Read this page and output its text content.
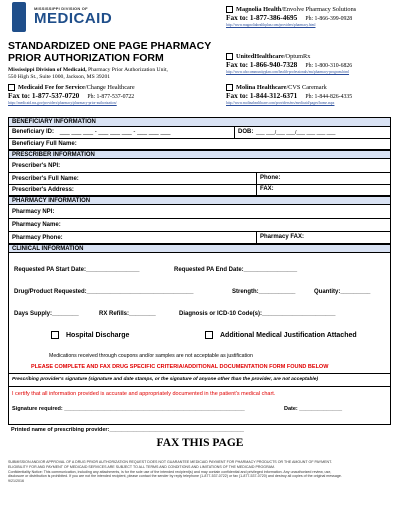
MISSISSIPPI DIVISION OF
MEDICAID
STANDARDIZED ONE PAGE PHARMACY
PRIOR AUTHORIZATION FORM
Mississippi Division of Medicaid, Pharmacy Prior Authorization Unit,
550 High St., Suite 1000, Jackson, MS 39201
Magnolia Health/Envolve Pharmacy Solutions
Fax to: 1-877-386-4695 Ph: 1-866-399-0928
http://www.magnoliahealthplan.com/providers/pharmacy.html
UnitedHealthcare/OptumRx
Fax to: 1-866-940-7328 Ph: 1-800-310-6826
http://www.uhccommunityplan.com/health-professionals/ms/pharmacy-program.html
Molina Healthcare/CVS Caremark
Fax to: 1-844-312-6371 Ph: 1-844-826-4335
http://www.molinahealthcare.com/providers/ms/medicaid/pages/home.aspx
Medicaid Fee for Service/Change Healthcare
Fax to: 1-877-537-0720 Ph: 1-877-537-0722
https://medicaid.ms.gov/providers/pharmacy/pharmacy-prior-authorization/
BENEFICIARY INFORMATION
Beneficiary ID: ___ ___ ___ - ___ ___ ___ - ___ ___ ___	DOB: ___ ___/___ ___/___ ___ ___ ___
Beneficiary Full Name:
PRESCRIBER INFORMATION
Prescriber's NPI:
Prescriber's Full Name:
Prescriber's Address:
Phone:
FAX:
PHARMACY INFORMATION
Pharmacy NPI:
Pharmacy Name:
Pharmacy Phone:	Pharmacy FAX:
CLINICAL INFORMATION
Requested PA Start Date:________________	Requested PA End Date:________________
Drug/Product Requested:________________________________	Strength:___________	Quantity:_________
Days Supply:________	RX Refills:________	Diagnosis or ICD-10 Code(s):______________________
Hospital Discharge	Additional Medical Justification Attached
Medications received through coupons and/or samples are not acceptable as justification
PLEASE COMPLETE AND FAX DRUG SPECIFIC CRITERIA/ADDITIONAL DOCUMENTATION FORM FOUND BELOW
Prescribing provider's signature (signature and date stamps, or the signature of anyone other than the provider, are not acceptable)
I certify that all information provided is accurate and appropriately documented in the patient's medical chart.
Signature required: ___________________________________________________________	Date: ______________
Printed name of prescribing provider:____________________________________________
FAX THIS PAGE
SUBMISSION AND/OR APPROVAL OF A DRUG PRIOR AUTHORIZATION REQUEST DOES NOT GUARANTEE MEDICAID PAYMENT FOR PHARMACY PRODUCTS OR THE AMOUNT OF PAYMENT.
ELIGIBILITY FOR AND PAYMENT OF MEDICAID SERVICES ARE SUBJECT TO ALL TERMS AND CONDITIONS AND LIMITATIONS OF THE MEDICAID PROGRAM.
Confidentiality Notice: This communication, including any attachments, is for the sole use of the intended recipient(s) and may contain confidential and privileged information. Any unauthorized review, use,
disclosure or distribution is prohibited. If you are not the intended recipient, please contact the sender by reply telephone (1-877-537-0722) or fax (1-877-537-0720) and destroy all copies of the original message.
9/21/2016
